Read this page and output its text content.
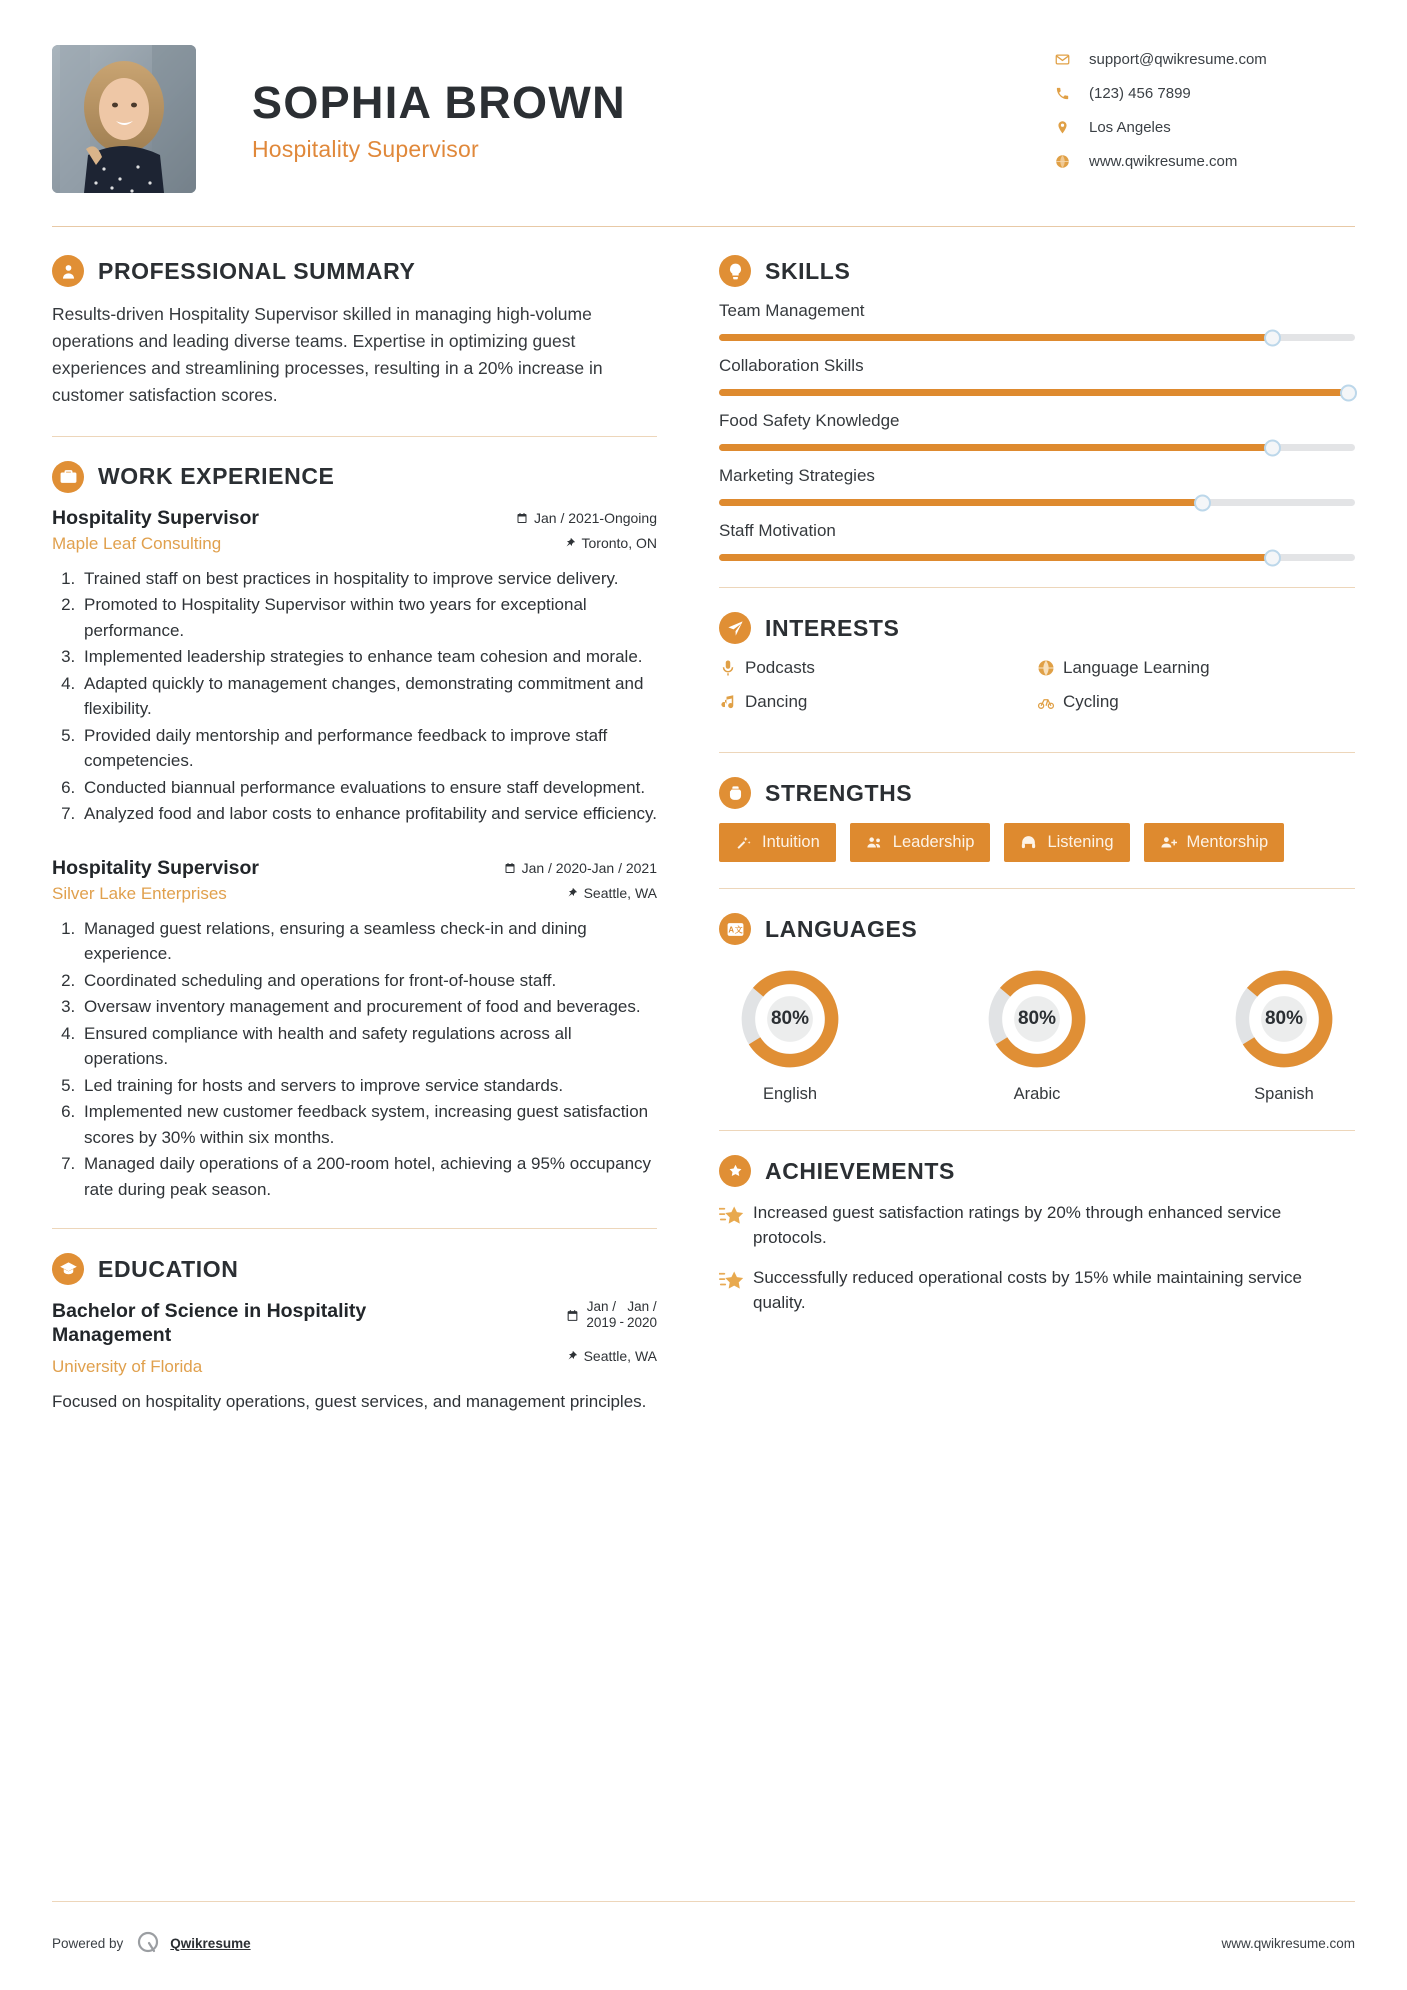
SOPHIA BROWN
Hospitality Supervisor
support@qwikresume.com
(123) 456 7899
Los Angeles
www.qwikresume.com
PROFESSIONAL SUMMARY
Results-driven Hospitality Supervisor skilled in managing high-volume operations and leading diverse teams. Expertise in optimizing guest experiences and streamlining processes, resulting in a 20% increase in customer satisfaction scores.
WORK EXPERIENCE
Hospitality Supervisor	Jan / 2021-Ongoing
Maple Leaf Consulting	Toronto, ON
1. Trained staff on best practices in hospitality to improve service delivery.
2. Promoted to Hospitality Supervisor within two years for exceptional performance.
3. Implemented leadership strategies to enhance team cohesion and morale.
4. Adapted quickly to management changes, demonstrating commitment and flexibility.
5. Provided daily mentorship and performance feedback to improve staff competencies.
6. Conducted biannual performance evaluations to ensure staff development.
7. Analyzed food and labor costs to enhance profitability and service efficiency.
Hospitality Supervisor	Jan / 2020-Jan / 2021
Silver Lake Enterprises	Seattle, WA
1. Managed guest relations, ensuring a seamless check-in and dining experience.
2. Coordinated scheduling and operations for front-of-house staff.
3. Oversaw inventory management and procurement of food and beverages.
4. Ensured compliance with health and safety regulations across all operations.
5. Led training for hosts and servers to improve service standards.
6. Implemented new customer feedback system, increasing guest satisfaction scores by 30% within six months.
7. Managed daily operations of a 200-room hotel, achieving a 95% occupancy rate during peak season.
EDUCATION
Bachelor of Science in Hospitality Management
Jan /
2019 -
Jan /
2020
University of Florida
Seattle, WA
Focused on hospitality operations, guest services, and management principles.
SKILLS
Team Management
Collaboration Skills
Food Safety Knowledge
Marketing Strategies
Staff Motivation
INTERESTS
Podcasts	Language Learning
Dancing	Cycling
STRENGTHS
Intuition	Leadership	Listening	Mentorship
A 文 LANGUAGES
80%
English
80%
Arabic
80%
Spanish
ACHIEVEMENTS
Increased guest satisfaction ratings by 20% through enhanced service protocols.
Successfully reduced operational costs by 15% while maintaining service quality.
Powered by	Qwikresume	www.qwikresume.com
